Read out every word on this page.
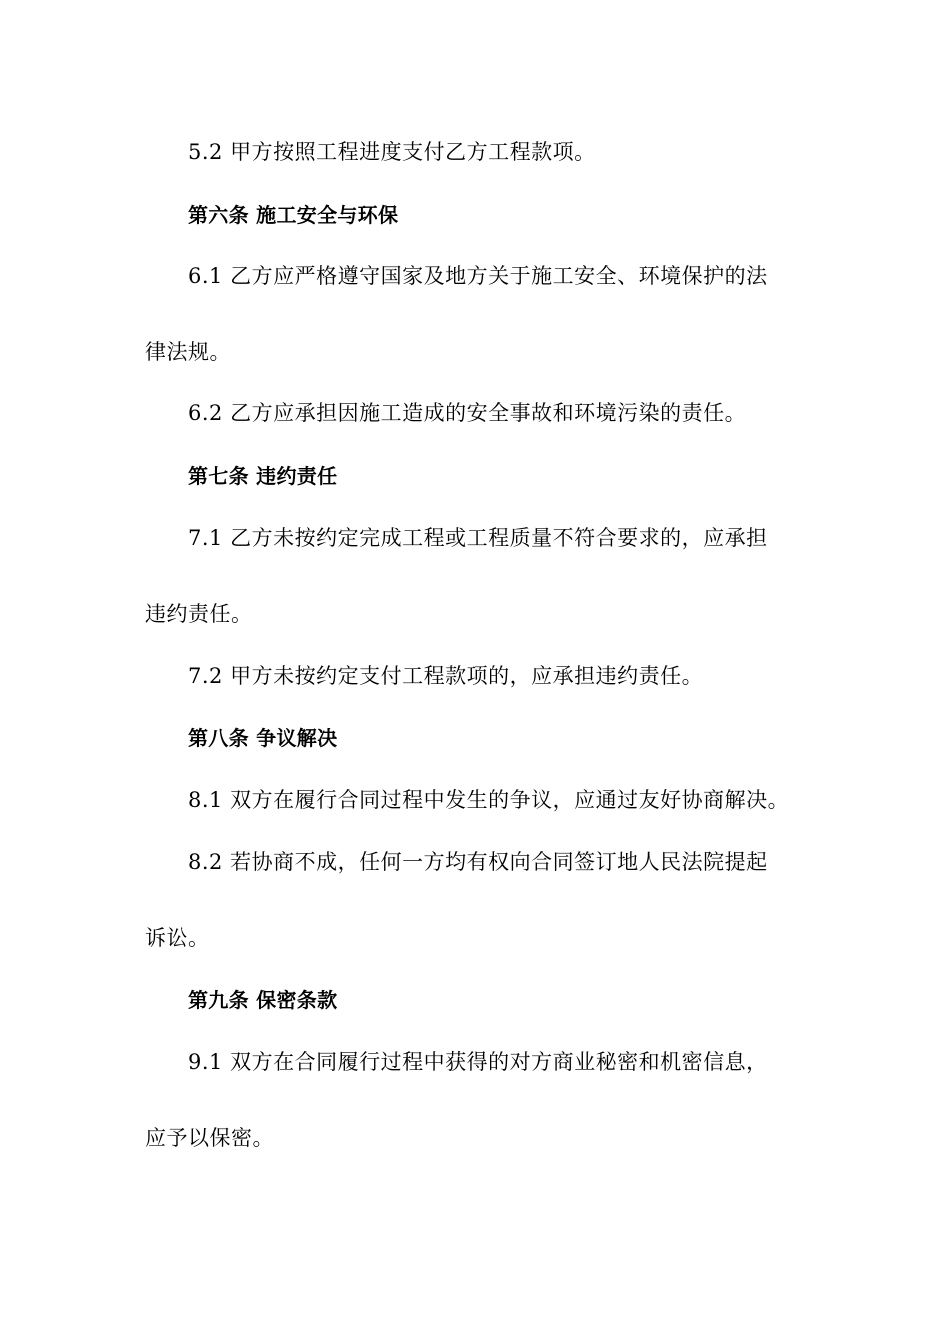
5.2 甲方按照工程进度支付乙方工程款项。
第六条 施工安全与环保
6.1 乙方应严格遵守国家及地方关于施工安全、环境保护的法
律法规。
6.2 乙方应承担因施工造成的安全事故和环境污染的责任。
第七条 违约责任
7.1 乙方未按约定完成工程或工程质量不符合要求的，应承担
违约责任。
7.2 甲方未按约定支付工程款项的，应承担违约责任。
第八条 争议解决
8.1 双方在履行合同过程中发生的争议，应通过友好协商解决。
8.2 若协商不成，任何一方均有权向合同签订地人民法院提起
诉讼。
第九条 保密条款
9.1 双方在合同履行过程中获得的对方商业秘密和机密信息，
应予以保密。
